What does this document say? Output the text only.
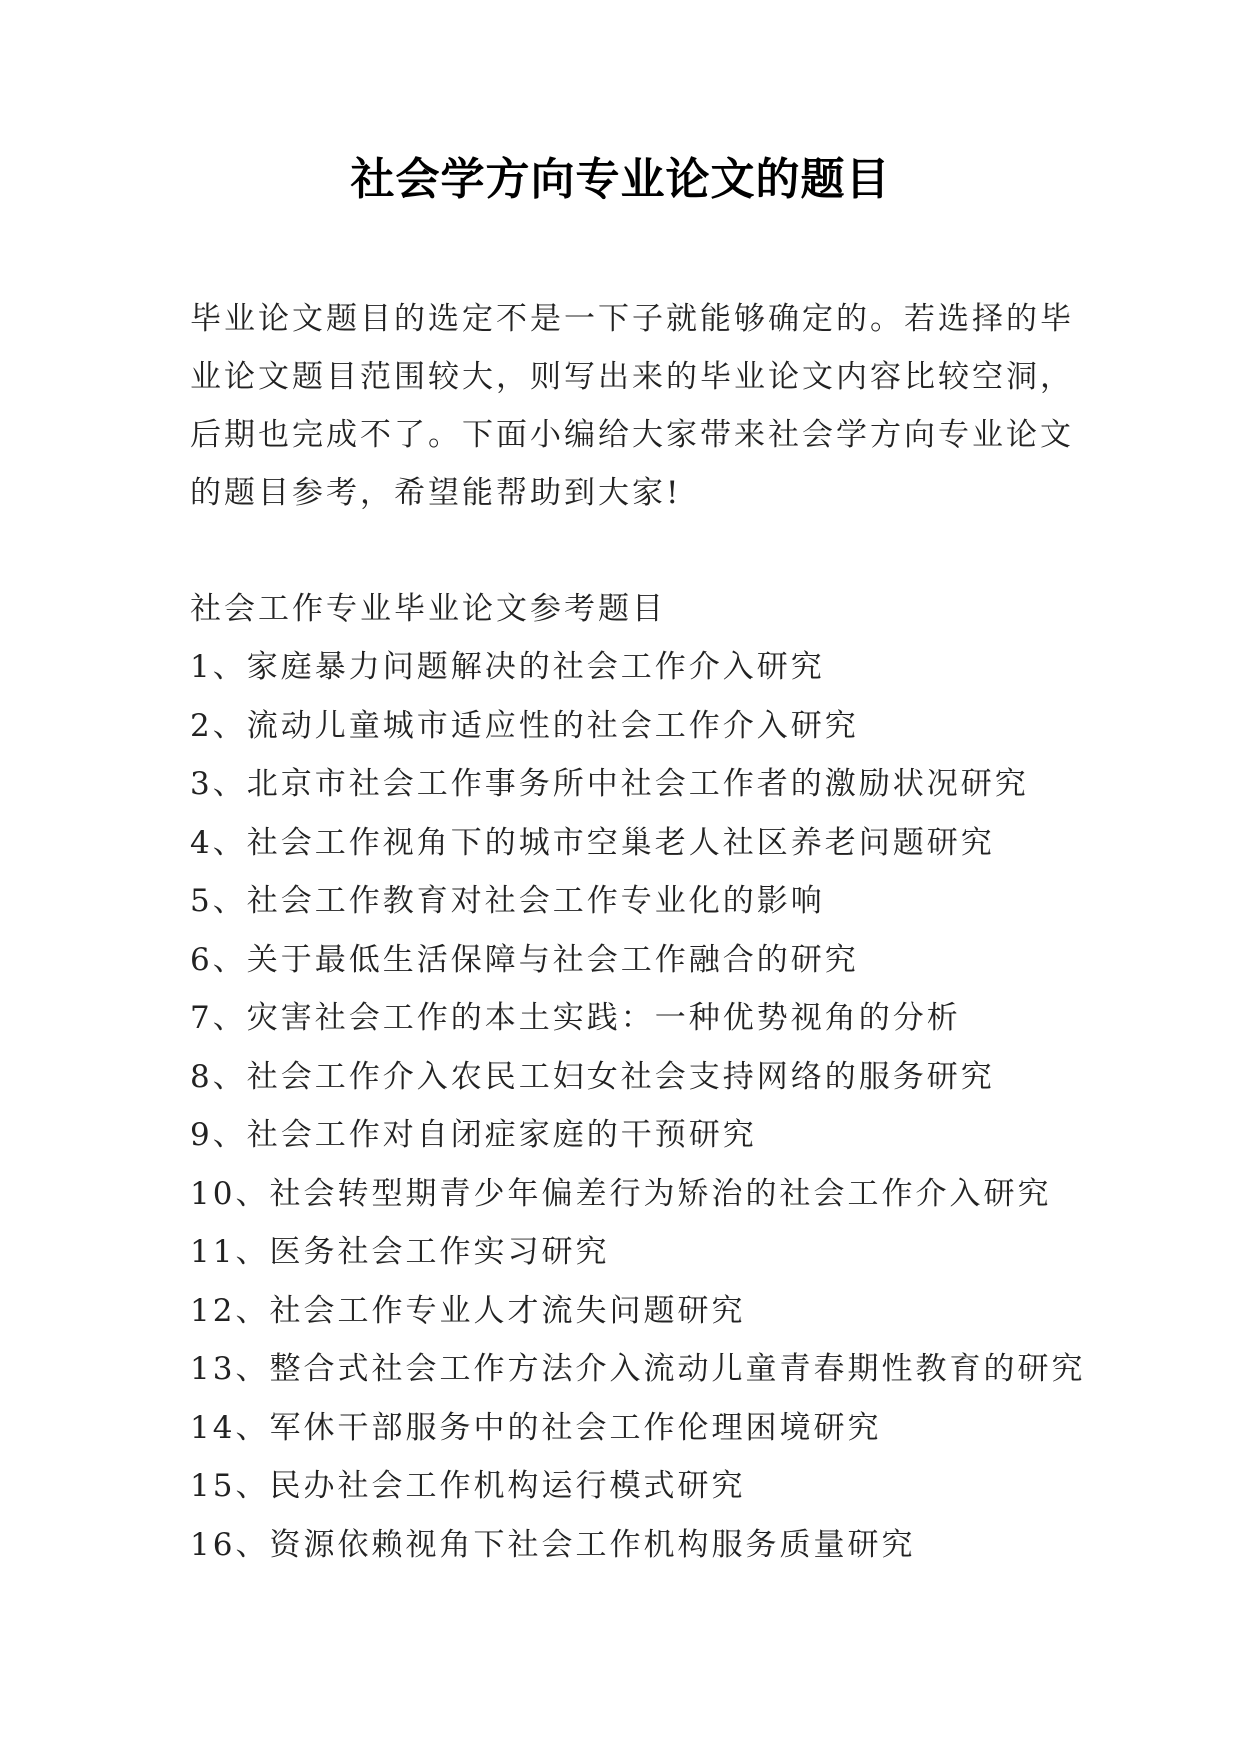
社会学方向专业论文的题目
毕业论文题目的选定不是一下子就能够确定的。若选择的毕
业论文题目范围较大，则写出来的毕业论文内容比较空洞，
后期也完成不了。下面小编给大家带来社会学方向专业论文
的题目参考，希望能帮助到大家!
社会工作专业毕业论文参考题目
1、家庭暴力问题解决的社会工作介入研究
2、流动儿童城市适应性的社会工作介入研究
3、北京市社会工作事务所中社会工作者的激励状况研究
4、社会工作视角下的城市空巢老人社区养老问题研究
5、社会工作教育对社会工作专业化的影响
6、关于最低生活保障与社会工作融合的研究
7、灾害社会工作的本土实践：一种优势视角的分析
8、社会工作介入农民工妇女社会支持网络的服务研究
9、社会工作对自闭症家庭的干预研究
10、社会转型期青少年偏差行为矫治的社会工作介入研究
11、医务社会工作实习研究
12、社会工作专业人才流失问题研究
13、整合式社会工作方法介入流动儿童青春期性教育的研究
14、军休干部服务中的社会工作伦理困境研究
15、民办社会工作机构运行模式研究
16、资源依赖视角下社会工作机构服务质量研究
